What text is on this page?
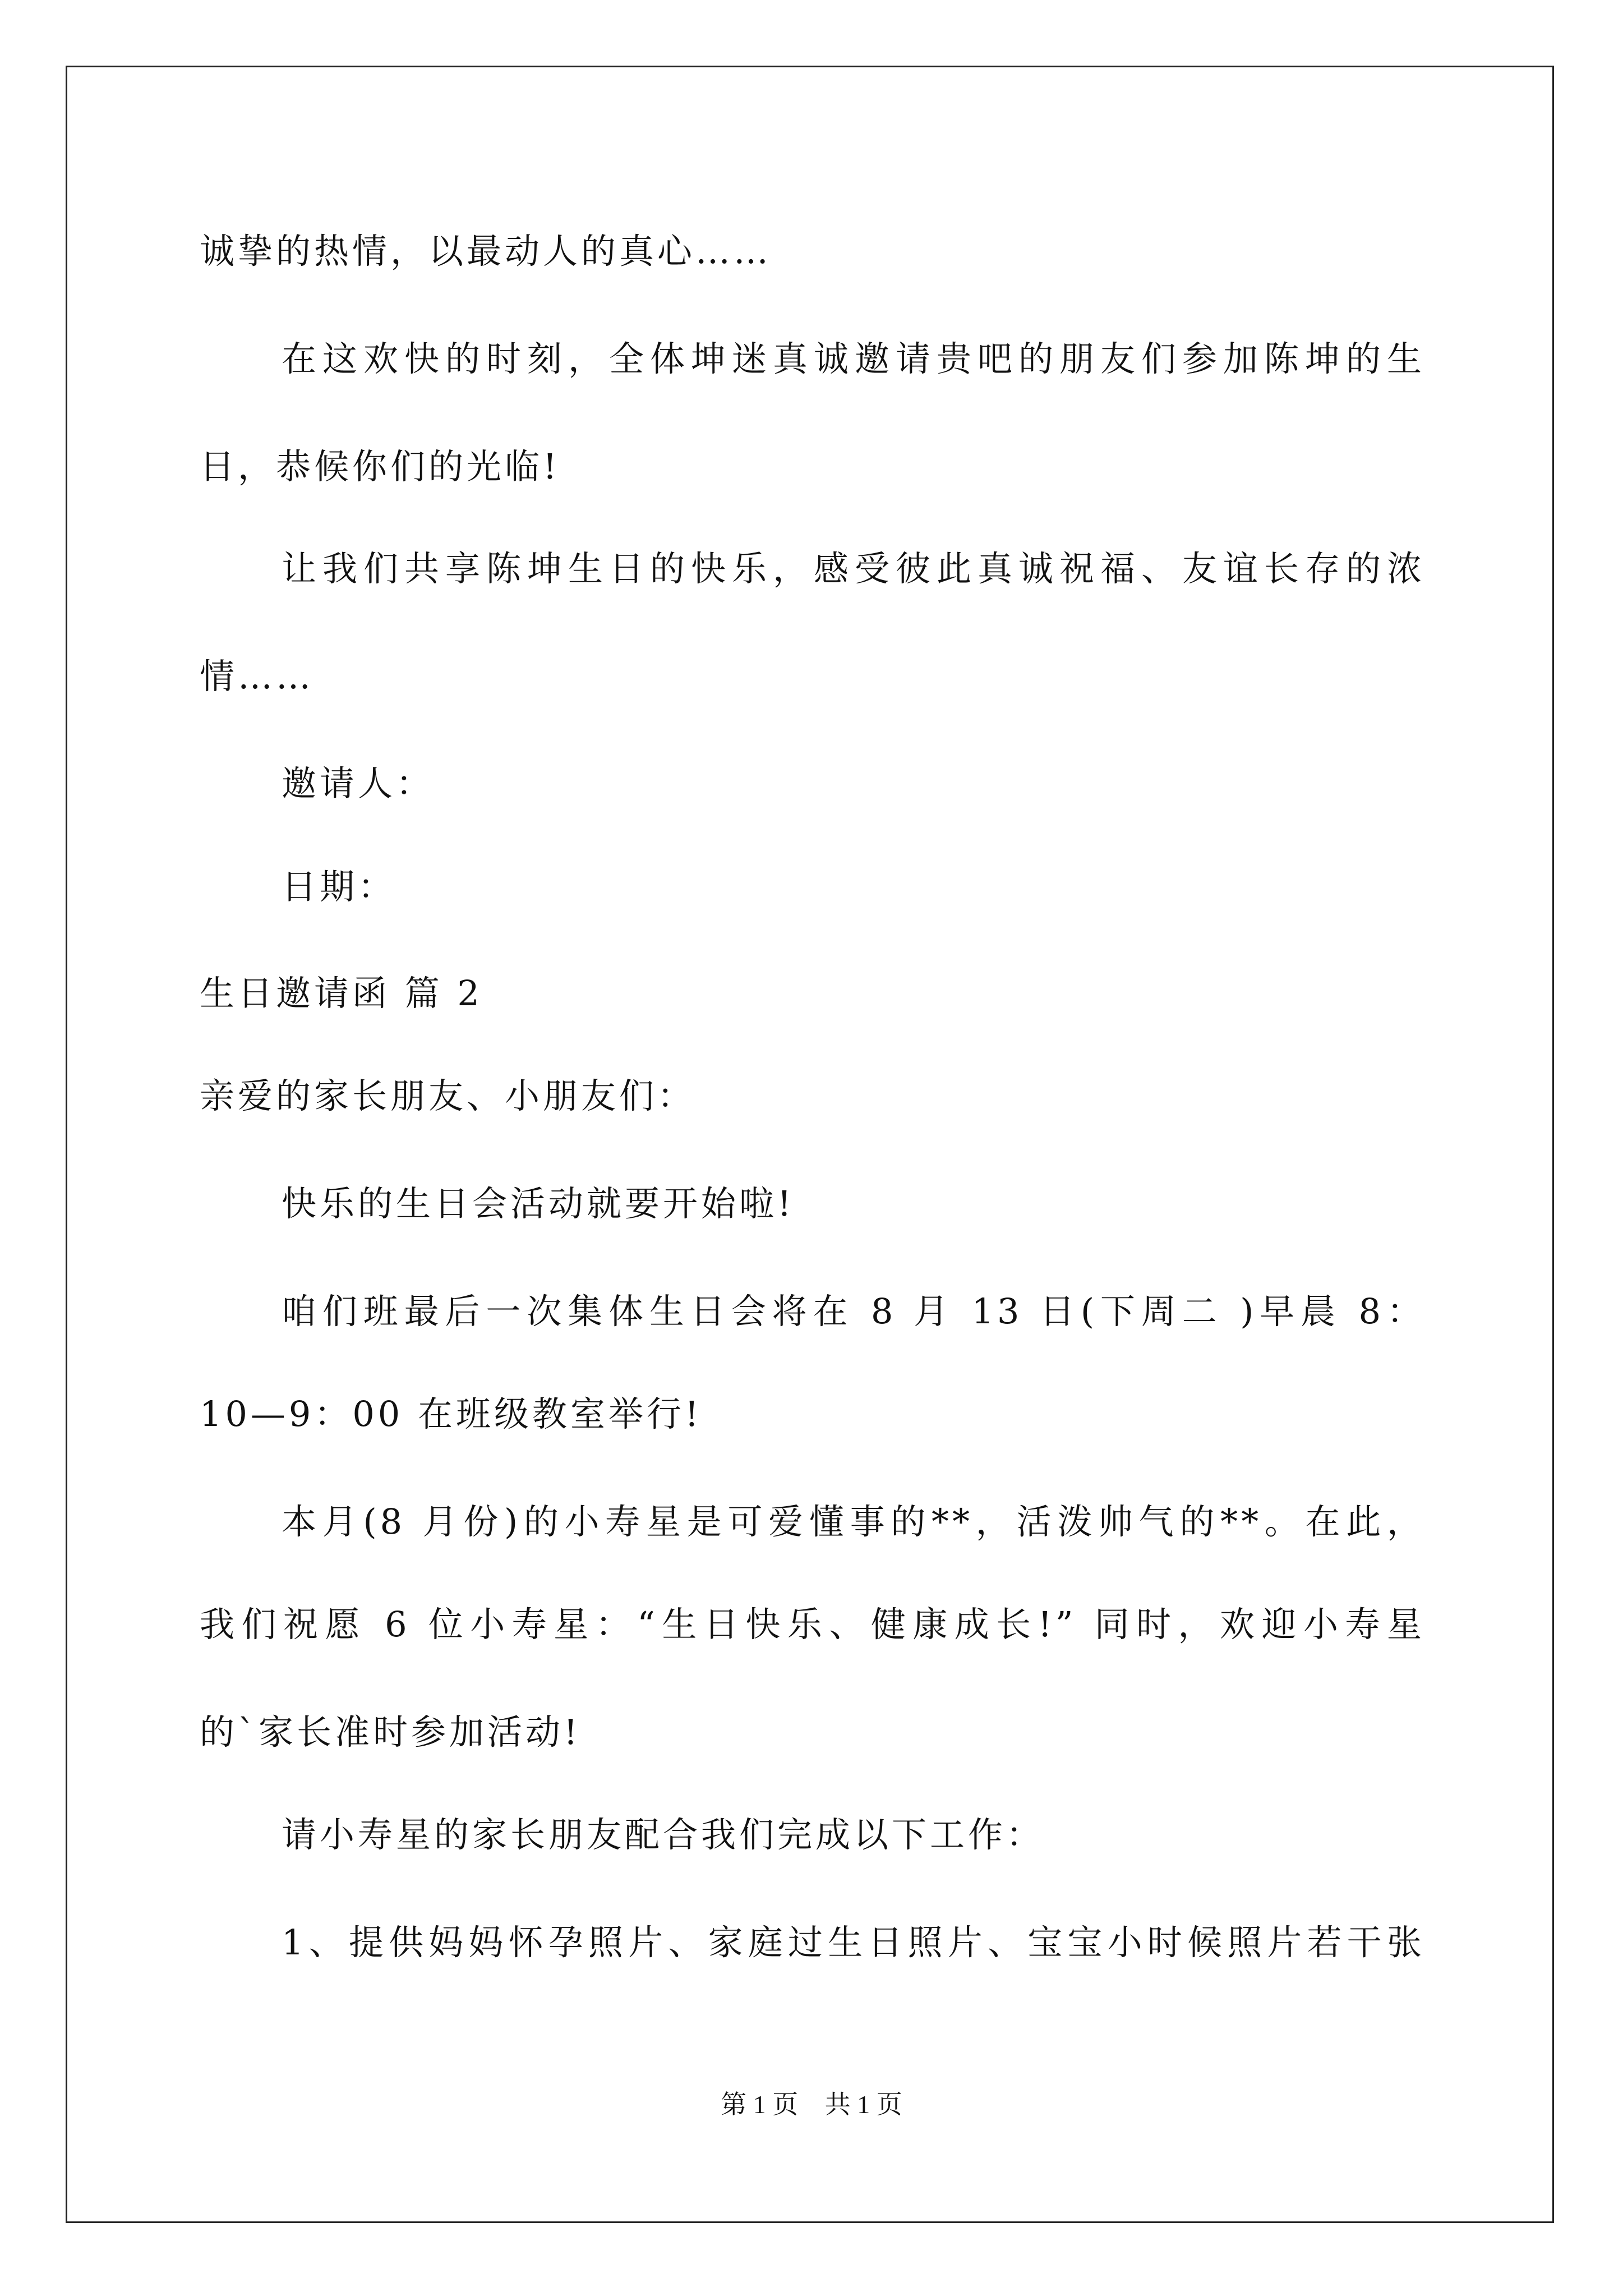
诚挚的热情，以最动人的真心……
在这欢快的时刻，全体坤迷真诚邀请贵吧的朋友们参加陈坤的生
日，恭候你们的光临!
让我们共享陈坤生日的快乐，感受彼此真诚祝福、友谊长存的浓
情……
邀请人：
日期：
生日邀请函 篇 2
亲爱的家长朋友、小朋友们：
快乐的生日会活动就要开始啦!
咱们班最后一次集体生日会将在 8 月 13 日(下周二 )早晨 8：
10—9：00 在班级教室举行!
本月(8 月份)的小寿星是可爱懂事的**，活泼帅气的**。在此，
我们祝愿 6 位小寿星：“生日快乐、健康成长!” 同时，欢迎小寿星
的`家长准时参加活动!
请小寿星的家长朋友配合我们完成以下工作：
1、提供妈妈怀孕照片、家庭过生日照片、宝宝小时候照片若干张
第 1 页 共 1 页
